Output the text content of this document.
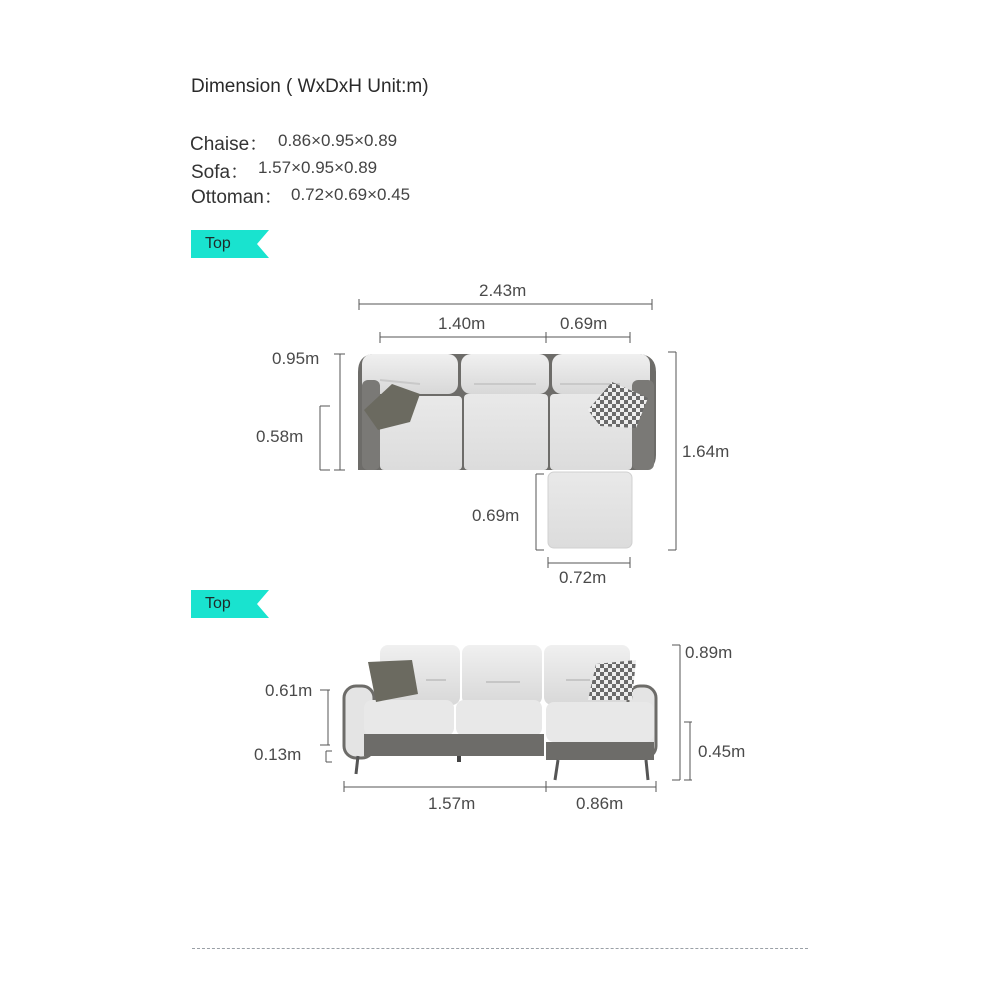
Dimension ( WxDxH Unit:m)
Chaise： 0.86×0.95×0.89
Sofa： 1.57×0.95×0.89
Ottoman： 0.72×0.69×0.45
Top
Top
2.43m
1.40m	0.69m
0.95m
0.58m
1.64m
0.69m
0.72m
0.89m
0.61m
0.13m	0.45m
1.57m	0.86m
